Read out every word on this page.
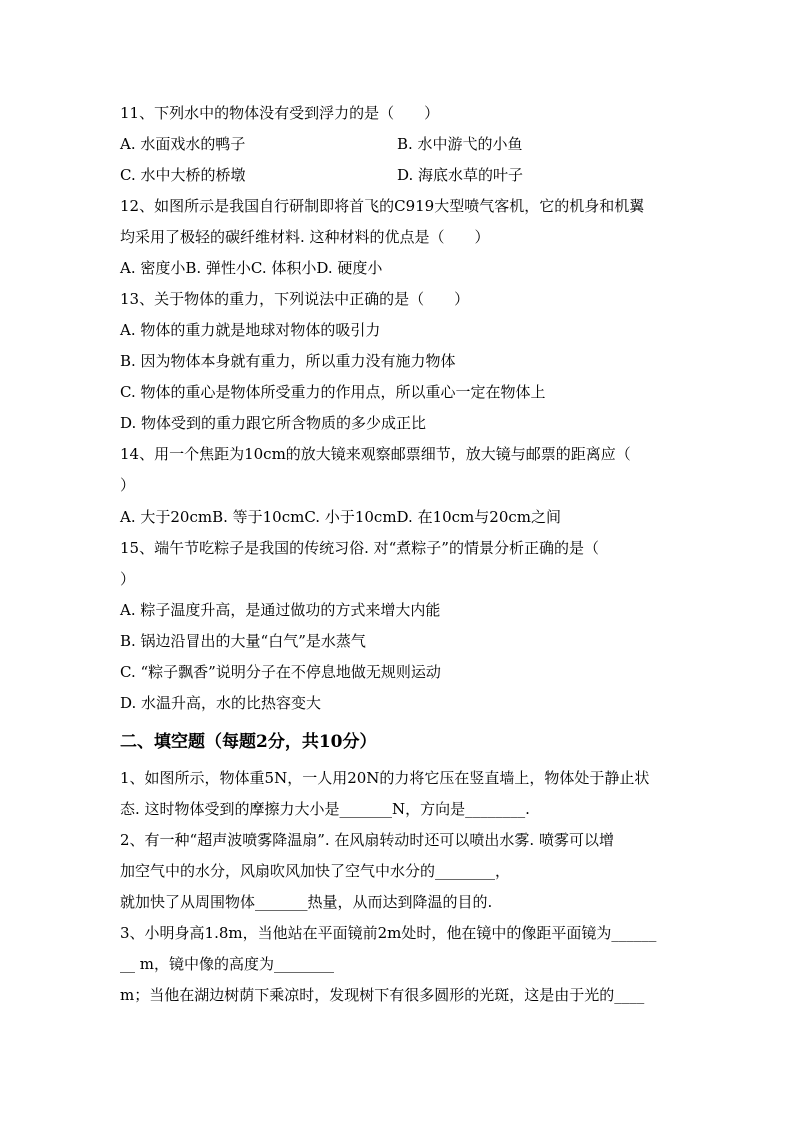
11、下列水中的物体没有受到浮力的是（　　）
A. 水面戏水的鸭子	B. 水中游弋的小鱼
C. 水中大桥的桥墩	D. 海底水草的叶子
12、如图所示是我国自行研制即将首飞的C919大型喷气客机，它的机身和机翼
均采用了极轻的碳纤维材料. 这种材料的优点是（　　）
A. 密度小B. 弹性小C. 体积小D. 硬度小
13、关于物体的重力，下列说法中正确的是（　　）
A. 物体的重力就是地球对物体的吸引力
B. 因为物体本身就有重力，所以重力没有施力物体
C. 物体的重心是物体所受重力的作用点，所以重心一定在物体上
D. 物体受到的重力跟它所含物质的多少成正比
14、用一个焦距为10cm的放大镜来观察邮票细节，放大镜与邮票的距离应（
）
A. 大于20cmB. 等于10cmC. 小于10cmD. 在10cm与20cm之间
15、端午节吃粽子是我国的传统习俗. 对“煮粽子”的情景分析正确的是（
）
A. 粽子温度升高，是通过做功的方式来增大内能
B. 锅边沿冒出的大量“白气”是水蒸气
C. “粽子飘香”说明分子在不停息地做无规则运动
D. 水温升高，水的比热容变大
二、填空题（每题2分，共10分）
1、如图所示，物体重5N，一人用20N的力将它压在竖直墙上，物体处于静止状
态. 这时物体受到的摩擦力大小是_______N，方向是________.
2、有一种“超声波喷雾降温扇”. 在风扇转动时还可以喷出水雾. 喷雾可以增
加空气中的水分，风扇吹风加快了空气中水分的________，
就加快了从周围物体_______热量，从而达到降温的目的.
3、小明身高1.8m，当他站在平面镜前2m处时，他在镜中的像距平面镜为______
__ m，镜中像的高度为________
m；当他在湖边树荫下乘凉时，发现树下有很多圆形的光斑，这是由于光的____
